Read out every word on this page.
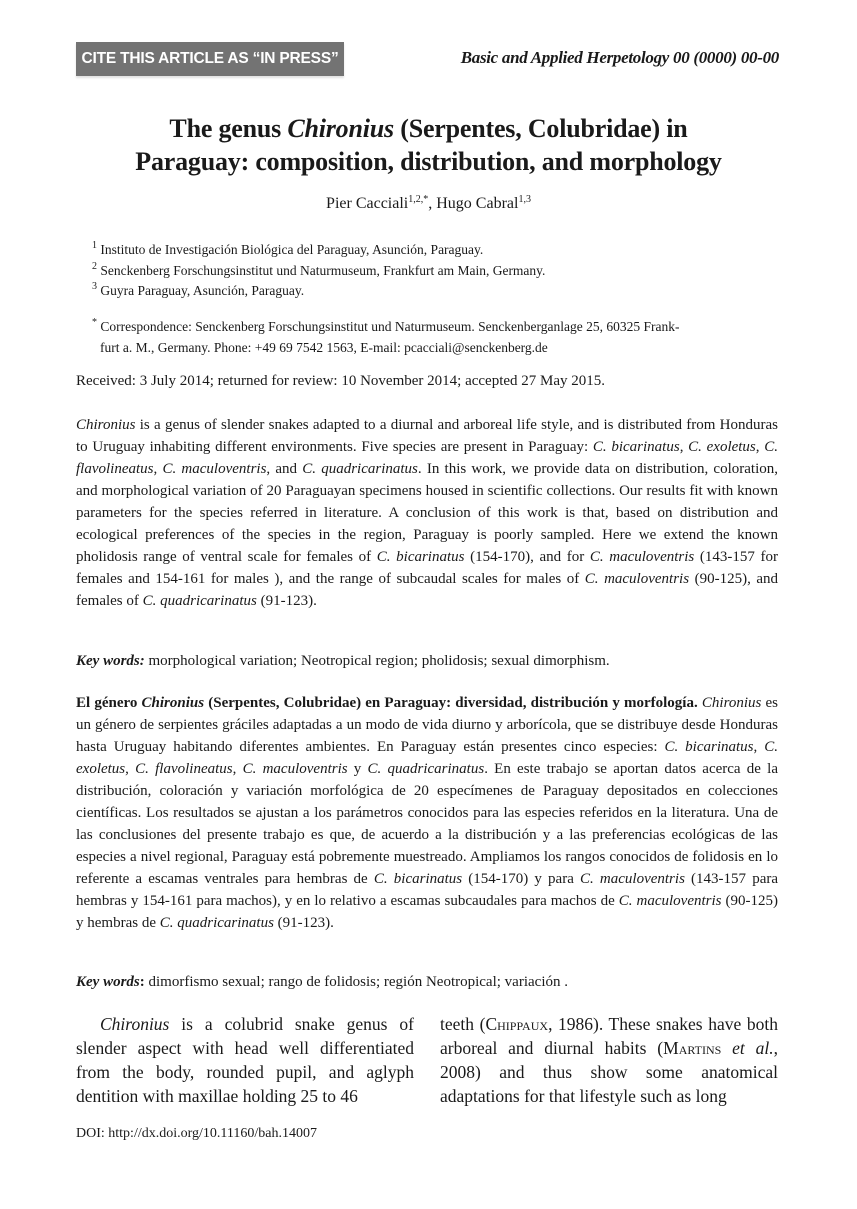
CITE THIS ARTICLE AS “IN PRESS”	Basic and Applied Herpetology 00 (0000) 00-00
The genus Chironius (Serpentes, Colubridae) in
Paraguay: composition, distribution, and morphology
Pier Cacciali$^{1,2,*}$, Hugo Cabral$^{1,3}$
$^1$ Instituto de Investigación Biológica del Paraguay, Asunción, Paraguay.
$^2$ Senckenberg Forschungsinstitut und Naturmuseum, Frankfurt am Main, Germany.
$^3$ Guyra Paraguay, Asunción, Paraguay.
* Correspondence: Senckenberg Forschungsinstitut und Naturmuseum. Senckenberganlage 25, 60325 Frank-
furt a. M., Germany. Phone: +49 69 7542 1563, E-mail: pcacciali@senckenberg.de
Received: 3 July 2014; returned for review: 10 November 2014; accepted 27 May 2015.
Chironius is a genus of slender snakes adapted to a diurnal and arboreal life style, and is distributed from Honduras to Uruguay inhabiting different environments. Five species are present in Paraguay: C. bicarinatus, C. exoletus, C. flavolineatus, C. maculoventris, and C. quadricarinatus. In this work, we provide data on distribution, coloration, and morphological variation of 20 Paraguayan specimens housed in scientific collections. Our results fit with known parameters for the species referred in literature. A conclusion of this work is that, based on distribution and ecological preferences of the species in the region, Paraguay is poorly sampled. Here we extend the known pholidosis range of ventral scale for females of C. bicarinatus (154-170), and for C. maculoventris (143-157 for females and 154-161 for males ), and the range of subcaudal scales for males of C. maculoventris (90-125), and females of C. quadricarinatus (91-123).
Key words: morphological variation; Neotropical region; pholidosis; sexual dimorphism.
El género Chironius (Serpentes, Colubridae) en Paraguay: diversidad, distribución y morfología. Chironius es un género de serpientes gráciles adaptadas a un modo de vida diurno y arborícola, que se distribuye desde Honduras hasta Uruguay habitando diferentes ambientes. En Paraguay están presentes cinco especies: C. bicarinatus, C. exoletus, C. flavolineatus, C. maculoventris y C. quadricarinatus. En este trabajo se aportan datos acerca de la distribución, coloración y variación morfológica de 20 especímenes de Paraguay depositados en colecciones científicas. Los resultados se ajustan a los parámetros conocidos para las especies referidos en la literatura. Una de las conclusiones del presente trabajo es que, de acuerdo a la distribución y a las preferencias ecológicas de las especies a nivel regional, Paraguay está pobremente muestreado. Ampliamos los rangos conocidos de folidosis en lo referente a escamas ventrales para hembras de C. bicarinatus (154-170) y para C. maculoventris (143-157 para hembras y 154-161 para machos), y en lo relativo a escamas subcaudales para machos de C. maculoventris (90-125) y hembras de C. quadricarinatus (91-123).
Key words: dimorfismo sexual; rango de folidosis; región Neotropical; variación .
Chironius is a colubrid snake genus of slender aspect with head well differentiated from the body, rounded pupil, and aglyph dentition with maxillae holding 25 to 46
teeth (Chippaux, 1986). These snakes have both arboreal and diurnal habits (Martins et al., 2008) and thus show some anatomical adaptations for that lifestyle such as long
DOI: http://dx.doi.org/10.11160/bah.14007
